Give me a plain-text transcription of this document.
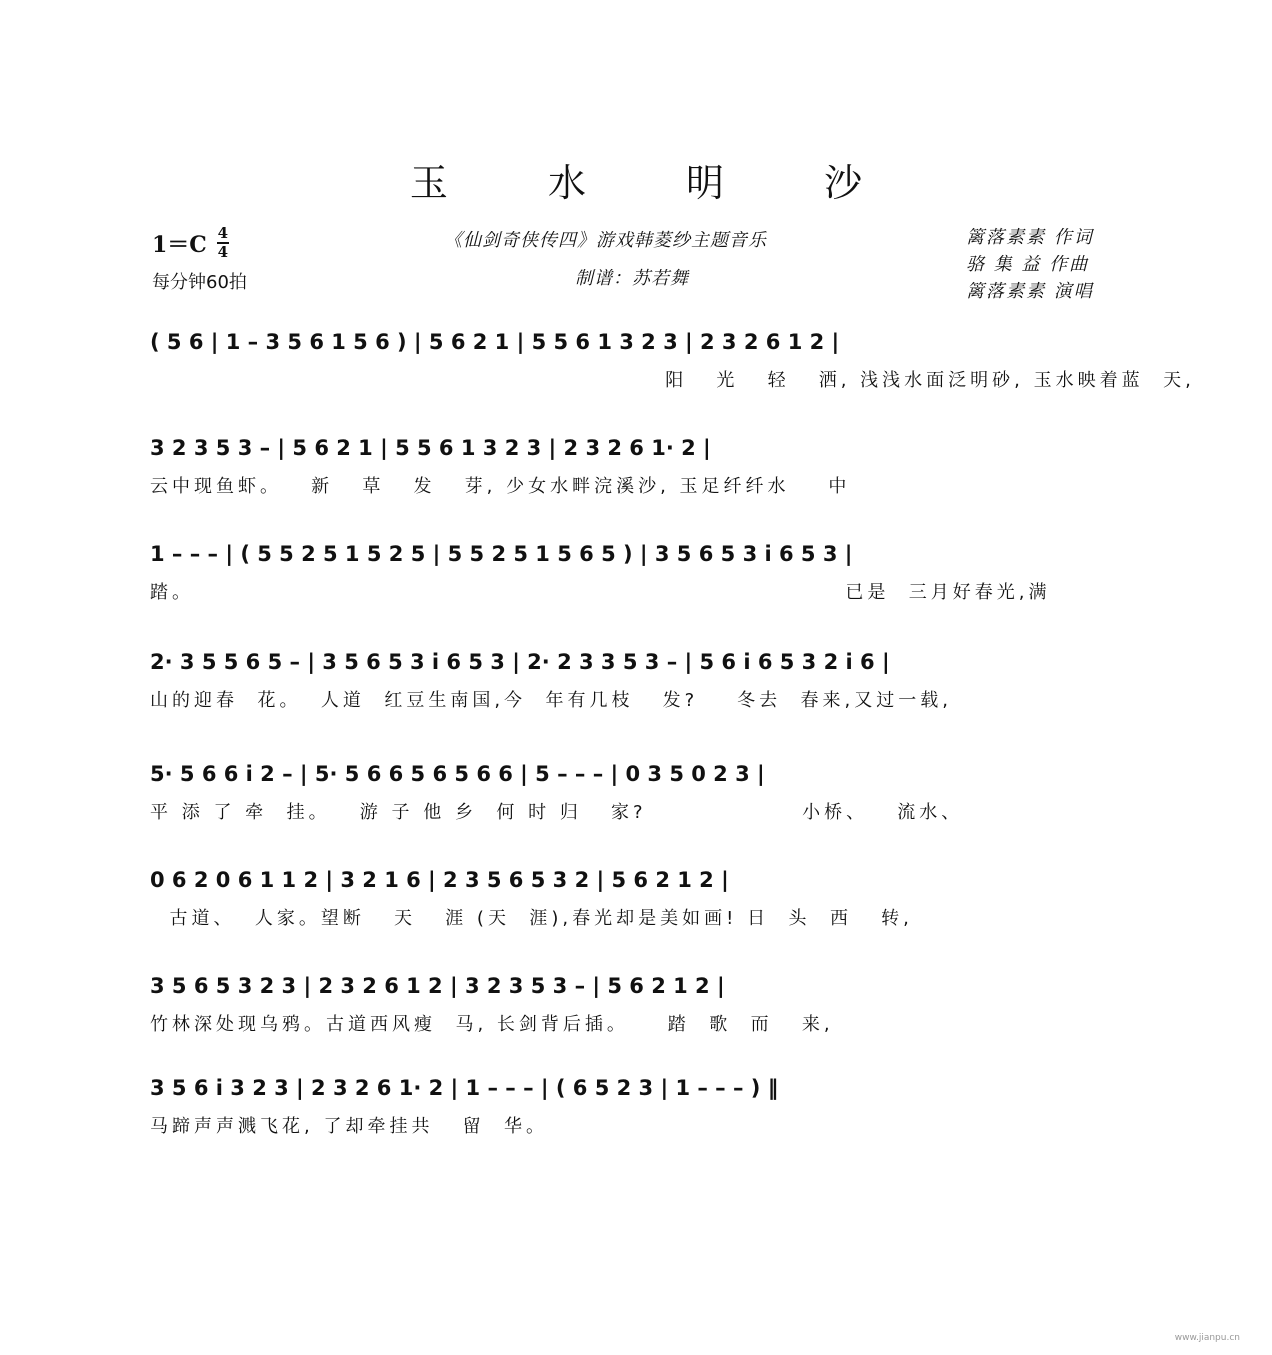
玉 水 明 沙
$1=C \frac{4}{4}$
每分钟60拍
《仙剑奇侠传四》游戏韩菱纱主题音乐
制谱：苏若舞
篱落素素 作词
骆 集 益 作曲
篱落素素 演唱
( 5 6 | 1 – 3 5 6 1 5 6 ) | 5 6 2 1 | 5 5 6 1 3 2 3 | 2 3 2 6 1 2 |
阳   光   轻   洒, 浅浅水面泛明砂, 玉水映着蓝  天,
3 2 3 5 3 – | 5 6 2 1 | 5 5 6 1 3 2 3 | 2 3 2 6 1· 2 |
云中现鱼虾。   新   草   发   芽, 少女水畔浣溪沙, 玉足纤纤水    中
1 – – – | ( 5 5 2 5 1 5 2 5 | 5 5 2 5 1 5 6 5 ) | 3 5 6 5 3 i 6 5 3 |
踏。                                                                   已是  三月好春光,满
2· 3 5 5 6 5 – | 3 5 6 5 3 i 6 5 3 | 2· 2 3 3 5 3 – | 5 6 i 6 5 3 2 i 6 |
山的迎春  花。  人道  红豆生南国,今  年有几枝   发?    冬去  春来,又过一载,
5· 5 6 6 i 2 – | 5· 5 6 6 5 6 5 6 6 | 5 – – – | 0 3 5 0 2 3 |
平 添 了 牵  挂。   游 子 他 乡  何 时 归   家?                小桥、   流水、
0 6 2 0 6 1 1 2 | 3 2 1 6 | 2 3 5 6 5 3 2 | 5 6 2 1 2 |
古道、  人家。望断   天   涯 (天  涯),春光却是美如画! 日  头  西   转,
3 5 6 5 3 2 3 | 2 3 2 6 1 2 | 3 2 3 5 3 – | 5 6 2 1 2 |
竹林深处现乌鸦。古道西风瘦  马, 长剑背后插。    踏  歌  而   来,
3 5 6 i 3 2 3 | 2 3 2 6 1· 2 | 1 – – – | ( 6 5 2 3 | 1 – – – ) ‖
马蹄声声溅飞花, 了却牵挂共   留  华。
www.jianpu.cn
